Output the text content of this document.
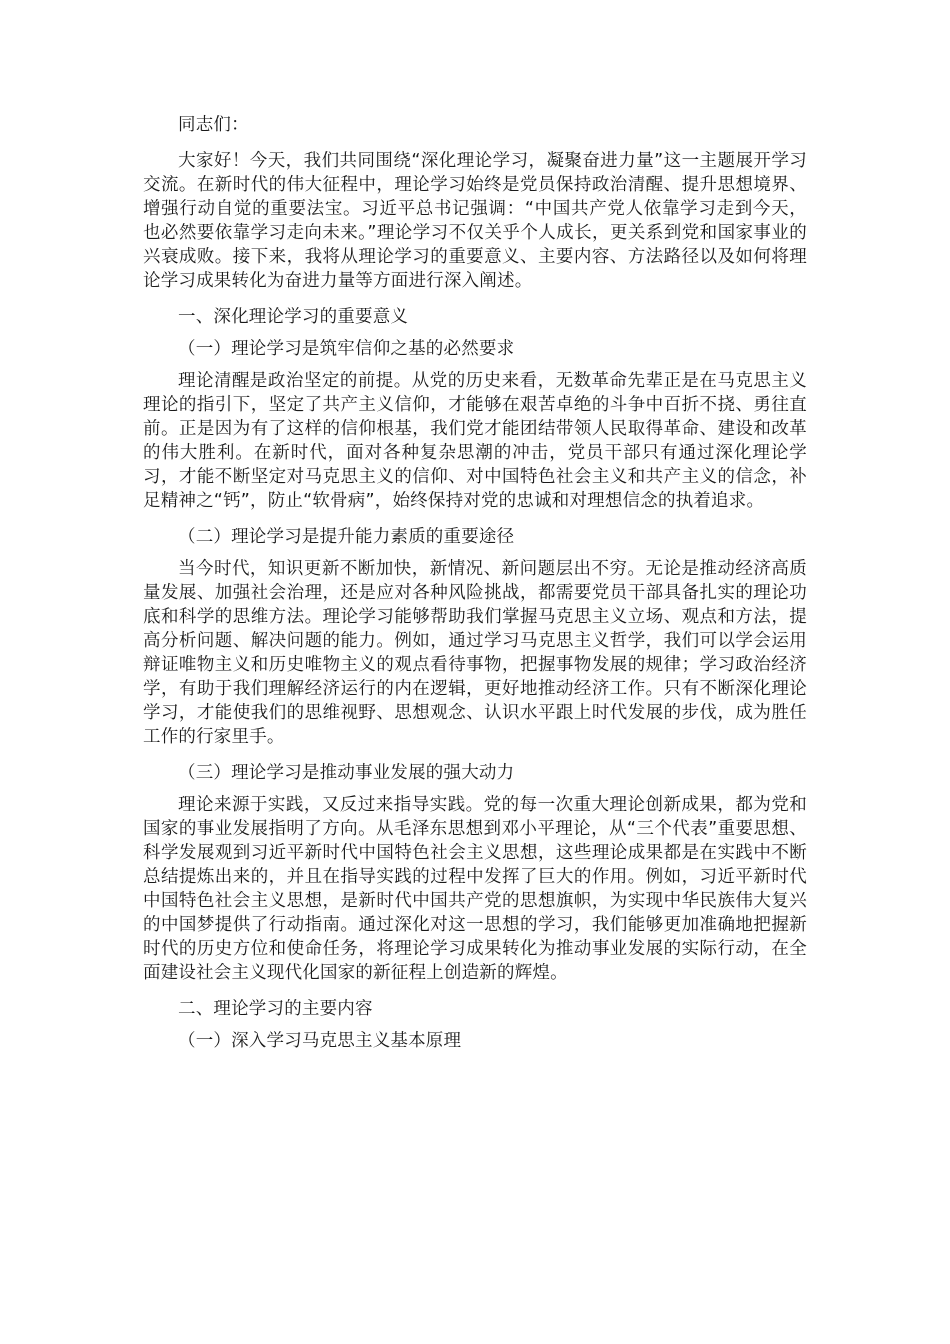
同志们：

大家好！今天，我们共同围绕“深化理论学习，凝聚奋进力量”这一主题展开学习交流。在新时代的伟大征程中，理论学习始终是党员保持政治清醒、提升思想境界、增强行动自觉的重要法宝。习近平总书记强调：“中国共产党人依靠学习走到今天，也必然要依靠学习走向未来。”理论学习不仅关乎个人成长，更关系到党和国家事业的兴衰成败。接下来，我将从理论学习的重要意义、主要内容、方法路径以及如何将理论学习成果转化为奋进力量等方面进行深入阐述。

一、深化理论学习的重要意义

（一）理论学习是筑牢信仰之基的必然要求

理论清醒是政治坚定的前提。从党的历史来看，无数革命先辈正是在马克思主义理论的指引下，坚定了共产主义信仰，才能够在艰苦卓绝的斗争中百折不挠、勇往直前。正是因为有了这样的信仰根基，我们党才能团结带领人民取得革命、建设和改革的伟大胜利。在新时代，面对各种复杂思潮的冲击，党员干部只有通过深化理论学习，才能不断坚定对马克思主义的信仰、对中国特色社会主义和共产主义的信念，补足精神之“钙”，防止“软骨病”，始终保持对党的忠诚和对理想信念的执着追求。

（二）理论学习是提升能力素质的重要途径

当今时代，知识更新不断加快，新情况、新问题层出不穷。无论是推动经济高质量发展、加强社会治理，还是应对各种风险挑战，都需要党员干部具备扎实的理论功底和科学的思维方法。理论学习能够帮助我们掌握马克思主义立场、观点和方法，提高分析问题、解决问题的能力。例如，通过学习马克思主义哲学，我们可以学会运用辩证唯物主义和历史唯物主义的观点看待事物，把握事物发展的规律；学习政治经济学，有助于我们理解经济运行的内在逻辑，更好地推动经济工作。只有不断深化理论学习，才能使我们的思维视野、思想观念、认识水平跟上时代发展的步伐，成为胜任工作的行家里手。

（三）理论学习是推动事业发展的强大动力

理论来源于实践，又反过来指导实践。党的每一次重大理论创新成果，都为党和国家的事业发展指明了方向。从毛泽东思想到邓小平理论，从“三个代表”重要思想、科学发展观到习近平新时代中国特色社会主义思想，这些理论成果都是在实践中不断总结提炼出来的，并且在指导实践的过程中发挥了巨大的作用。例如，习近平新时代中国特色社会主义思想，是新时代中国共产党的思想旗帜，为实现中华民族伟大复兴的中国梦提供了行动指南。通过深化对这一思想的学习，我们能够更加准确地把握新时代的历史方位和使命任务，将理论学习成果转化为推动事业发展的实际行动，在全面建设社会主义现代化国家的新征程上创造新的辉煌。

二、理论学习的主要内容

（一）深入学习马克思主义基本原理
